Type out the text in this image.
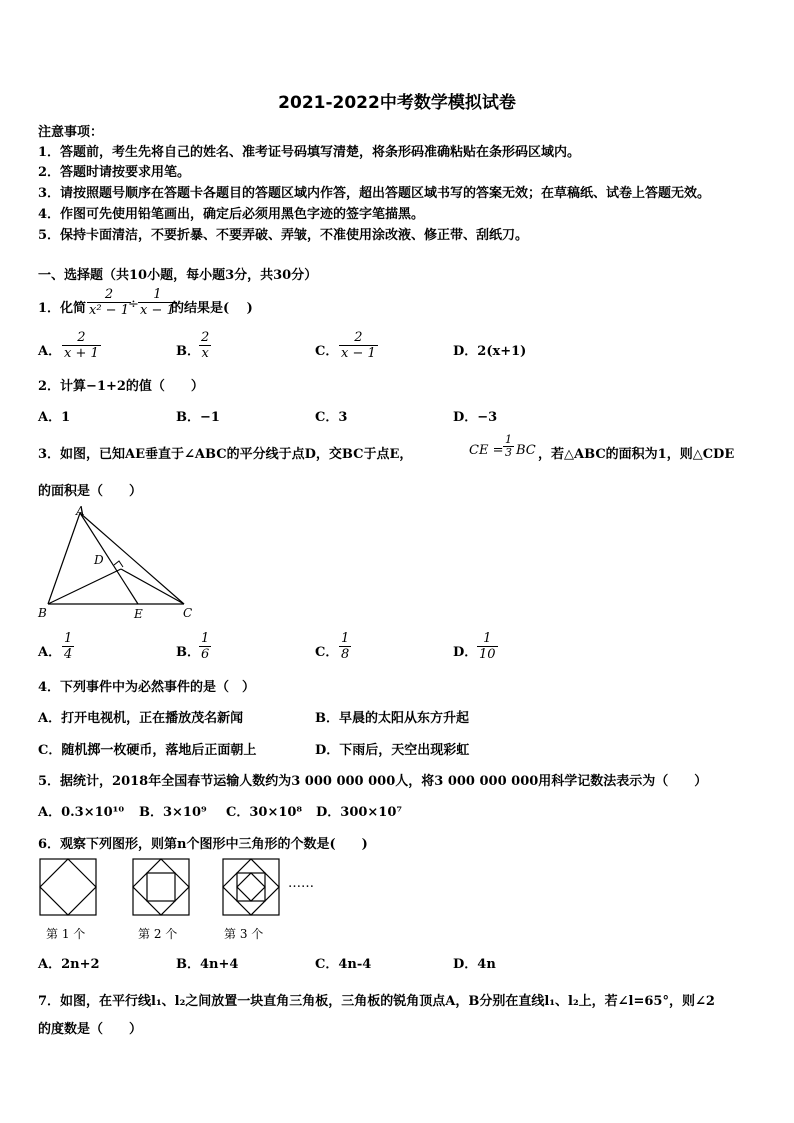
2021-2022中考数学模拟试卷
注意事项：
1．答题前，考生先将自己的姓名、准考证号码填写清楚，将条形码准确粘贴在条形码区域内。
2．答题时请按要求用笔。
3．请按照题号顺序在答题卡各题目的答题区域内作答，超出答题区域书写的答案无效；在草稿纸、试卷上答题无效。
4．作图可先使用铅笔画出，确定后必须用黑色字迹的签字笔描黑。
5．保持卡面清洁，不要折暴、不要弄破、弄皱，不准使用涂改液、修正带、刮纸刀。
一、选择题（共10小题，每小题3分，共30分）
1．化简 $\frac{2}{\text{x² − 1}}$
÷ $\frac{1}{x - 1}$
的结果是(　 )
A． $\frac{2}{x + 1}$	B． $\frac{2}{x}$	C． $\frac{2}{x - 1}$	D．2(x+1)
2．计算−1+2的值（　　）
A．1	B．−1	C．3	D．−3
3．如图，已知AE垂直于∠ABC的平分线于点D，交BC于点E，	CE = $\frac{1}{3}$ BC ，若△ABC的面积为1，则△CDE
的面积是（　　）
A
B	C
D
E
A． $\frac{1}{4}$	B． $\frac{1}{6}$	C． $\frac{1}{8}$	D． $\frac{1}{10}$
4．下列事件中为必然事件的是（　）
A．打开电视机，正在播放茂名新闻	B．早晨的太阳从东方升起
C．随机掷一枚硬币，落地后正面朝上	D．下雨后，天空出现彩虹
5．据统计，2018年全国春节运输人数约为3 000 000 000人，将3 000 000 000用科学记数法表示为（　　）
A．0.3×10¹⁰ B．3×10⁹ C．30×10⁸ D．300×10⁷
6．观察下列图形，则第n个图形中三角形的个数是(　　)
……
第 1 个	第 2 个	第 3 个
A．2n+2	B．4n+4	C．4n-4	D．4n
7．如图，在平行线l₁、l₂之间放置一块直角三角板，三角板的锐角顶点A，B分别在直线l₁、l₂上，若∠l=65°，则∠2
的度数是（　　）
